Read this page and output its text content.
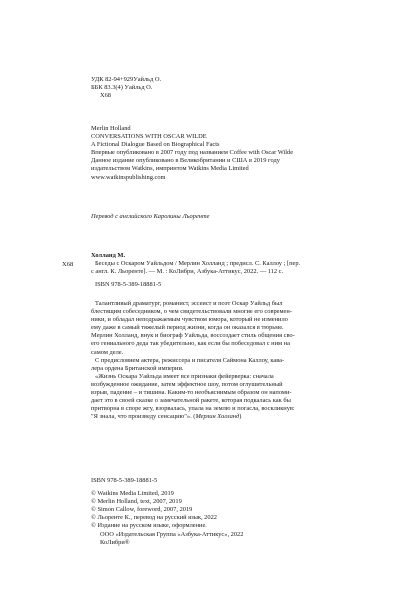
УДК 82-94+929Уайльд О.
ББК 83.3(4) Уайльд О.
Х68
Merlin Holland
CONVERSATIONS WITH OSCAR WILDE
A Fictional Dialogue Based on Biographical Facts
Впервые опубликовано в 2007 году под названием Coffee with Oscar Wilde
Данное издание опубликовано в Великобритании и США в 2019 году
издательством Watkins, импринтом Watkins Media Limited
www.watkinspublishing.com
Перевод с английского Каролины Льоренте
Х68
Холланд М.
Беседы с Оскаром Уайльдом / Мерлин Холланд ; предисл. С. Каллоу ; [пер.
с англ. К. Льоренте]. — М. : КоЛибри, Азбука-Аттикус, 2022. — 112 с.
ISBN 978-5-389-18881-5
Талантливый драматург, романист, эссеист и поэт Оскар Уайльд был
блестящим собеседником, о чем свидетельствовали многие его современ-
ники, и обладал неподражаемым чувством юмора, который не изменило
ему даже в самый тяжелый период жизни, когда он оказался в тюрьме.
Мерлин Холланд, внук и биограф Уайльда, воссоздает стиль общения сво-
его гениального деда так убедительно, как если бы побеседовал с ним на
самом деле.
С предисловием актера, режиссера и писателя Саймона Каллоу, кава-
лера ордена Британской империи.
«Жизнь Оскара Уайльда имеет все признаки фейерверка: сначала
возбужденное ожидание, затем эффектное шоу, потом оглушительный
взрыв, падение – и тишина. Каким-то необъяснимым образом он напоми-
дает это в своей сказке о замечательной ракете, которая подкалась как бы
притворна в споре жгу, взорвалась, упала на землю и погасла, воскликнув:
"Я знала, что произведу сенсацию"». (Мерлин Холланд)
ISBN 978-5-389-18881-5
© Watkins Media Limited, 2019
© Merlin Holland, text, 2007, 2019
© Simon Callow, foreword, 2007, 2019
© Льоренте К., перевод на русский язык, 2022
© Издание на русском языке, оформление.
ООО «Издательская Группа «Азбука-Аттикус», 2022
КоЛибри®
